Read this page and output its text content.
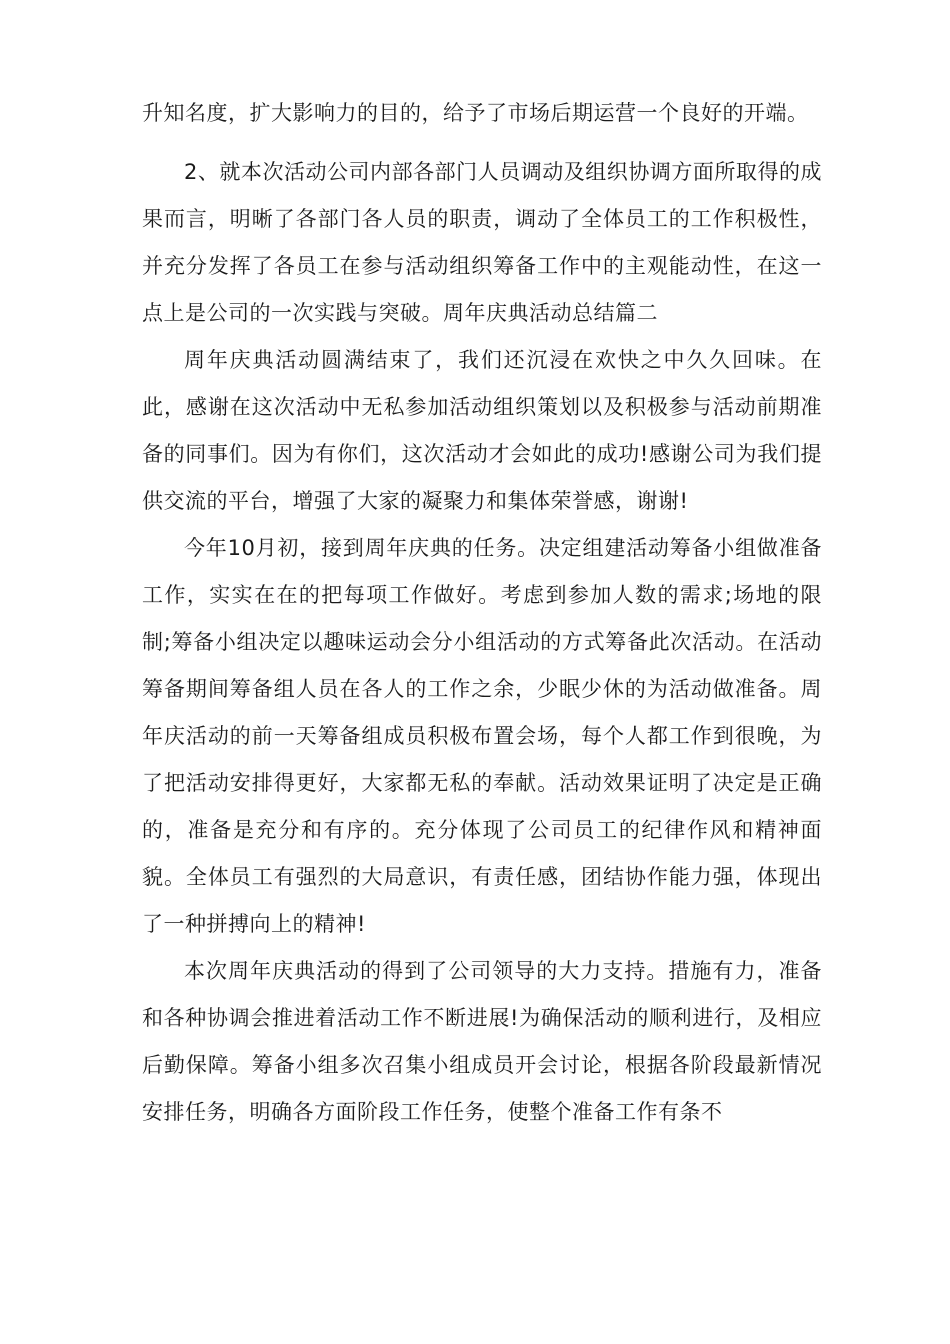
升知名度，扩大影响力的目的，给予了市场后期运营一个良好的开端。

2、就本次活动公司内部各部门人员调动及组织协调方面所取得的成果而言，明晰了各部门各人员的职责，调动了全体员工的工作积极性，并充分发挥了各员工在参与活动组织筹备工作中的主观能动性，在这一点上是公司的一次实践与突破。周年庆典活动总结篇二

周年庆典活动圆满结束了，我们还沉浸在欢快之中久久回味。在此，感谢在这次活动中无私参加活动组织策划以及积极参与活动前期准备的同事们。因为有你们，这次活动才会如此的成功!感谢公司为我们提供交流的平台，增强了大家的凝聚力和集体荣誉感，谢谢!

今年10月初，接到周年庆典的任务。决定组建活动筹备小组做准备工作，实实在在的把每项工作做好。考虑到参加人数的需求;场地的限制;筹备小组决定以趣味运动会分小组活动的方式筹备此次活动。在活动筹备期间筹备组人员在各人的工作之余，少眠少休的为活动做准备。周年庆活动的前一天筹备组成员积极布置会场，每个人都工作到很晚，为了把活动安排得更好，大家都无私的奉献。活动效果证明了决定是正确的，准备是充分和有序的。充分体现了公司员工的纪律作风和精神面貌。全体员工有强烈的大局意识，有责任感，团结协作能力强，体现出了一种拼搏向上的精神!

本次周年庆典活动的得到了公司领导的大力支持。措施有力，准备和各种协调会推进着活动工作不断进展!为确保活动的顺利进行，及相应后勤保障。筹备小组多次召集小组成员开会讨论，根据各阶段最新情况安排任务，明确各方面阶段工作任务，使整个准备工作有条不
